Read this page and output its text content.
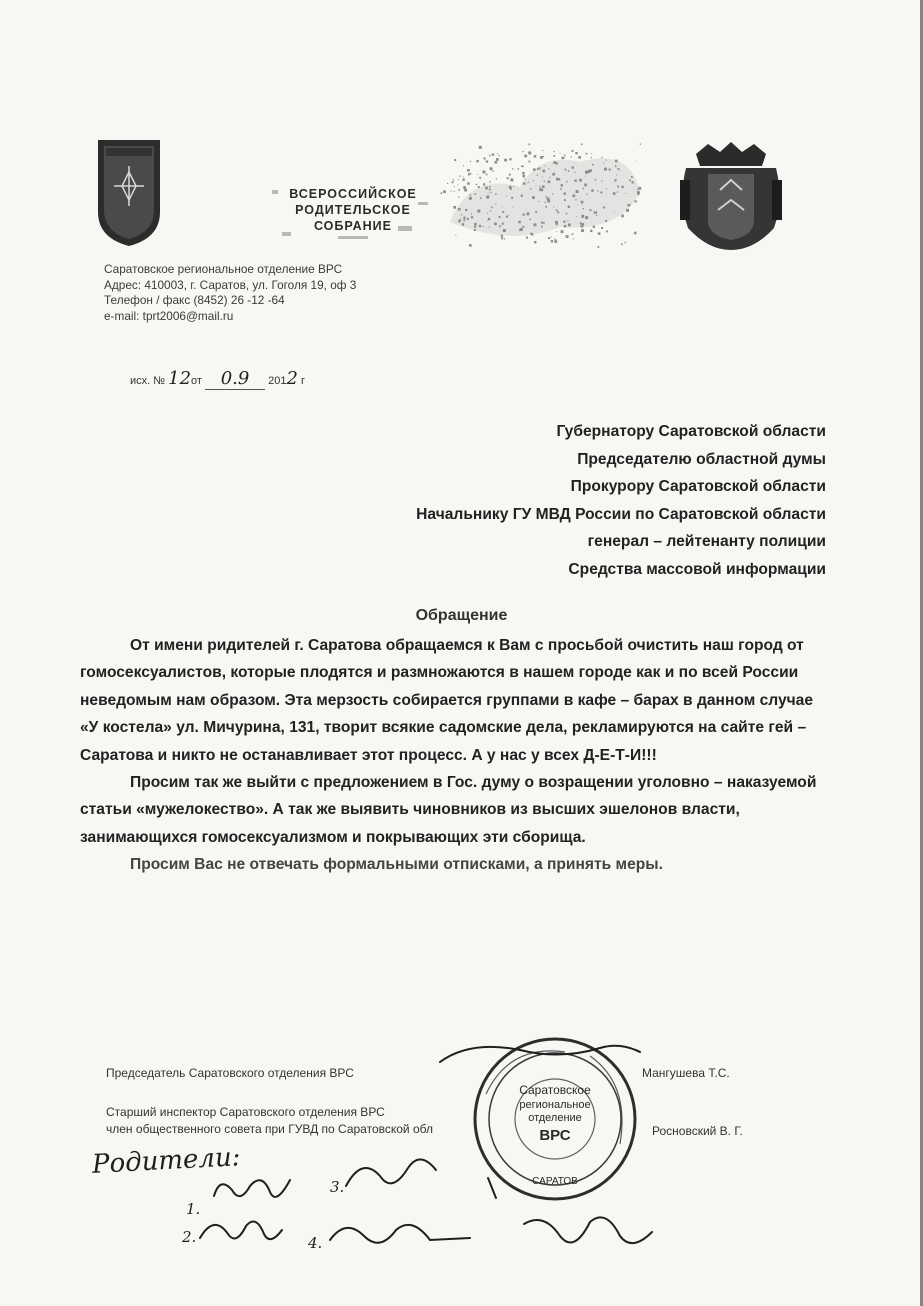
ВСЕРОССИЙСКОЕ
РОДИТЕЛЬСКОЕ
СОБРАНИЕ
Саратовское региональное отделение ВРС
Адрес: 410003, г. Саратов, ул. Гоголя 19, оф 3
Телефон / факс (8452) 26 -12 -64
e-mail: tprt2006@mail.ru
исх. № 12от 0.9 2012 г
Губернатору Саратовской области
Председателю областной думы
Прокурору Саратовской области
Начальнику ГУ МВД России по Саратовской области
генерал – лейтенанту полиции
Средства массовой информации
Обращение

От имени ридителей г. Саратова обращаемся к Вам с просьбой очистить наш город от гомосексуалистов, которые плодятся и размножаются в нашем городе как и по всей России неведомым нам образом. Эта мерзость собирается группами в кафе – барах в данном случае «У костела» ул. Мичурина, 131, творит всякие садомские дела, рекламируются на сайте гей – Саратова и никто не останавливает этот процесс. А у нас у всех Д-Е-Т-И!!!

Просим так же выйти с предложением в Гос. думу о возращении уголовно – наказуемой статьи «мужелокество». А так же выявить чиновников из высших эшелонов власти, занимающихся гомосексуализмом и покрывающих эти сборища.

Просим Вас не отвечать формальными отписками, а принять меры.

Председатель Саратовского отделения ВРС	Мангушева Т.С.
Старший инспектор Саратовского отделения ВРС
член общественного совета при ГУВД по Саратовской обл	Росновский В. Г.
Саратовское
региональное
отделение
ВРС
САРАТОВ
Родители:
1.
2.
3.
4.
